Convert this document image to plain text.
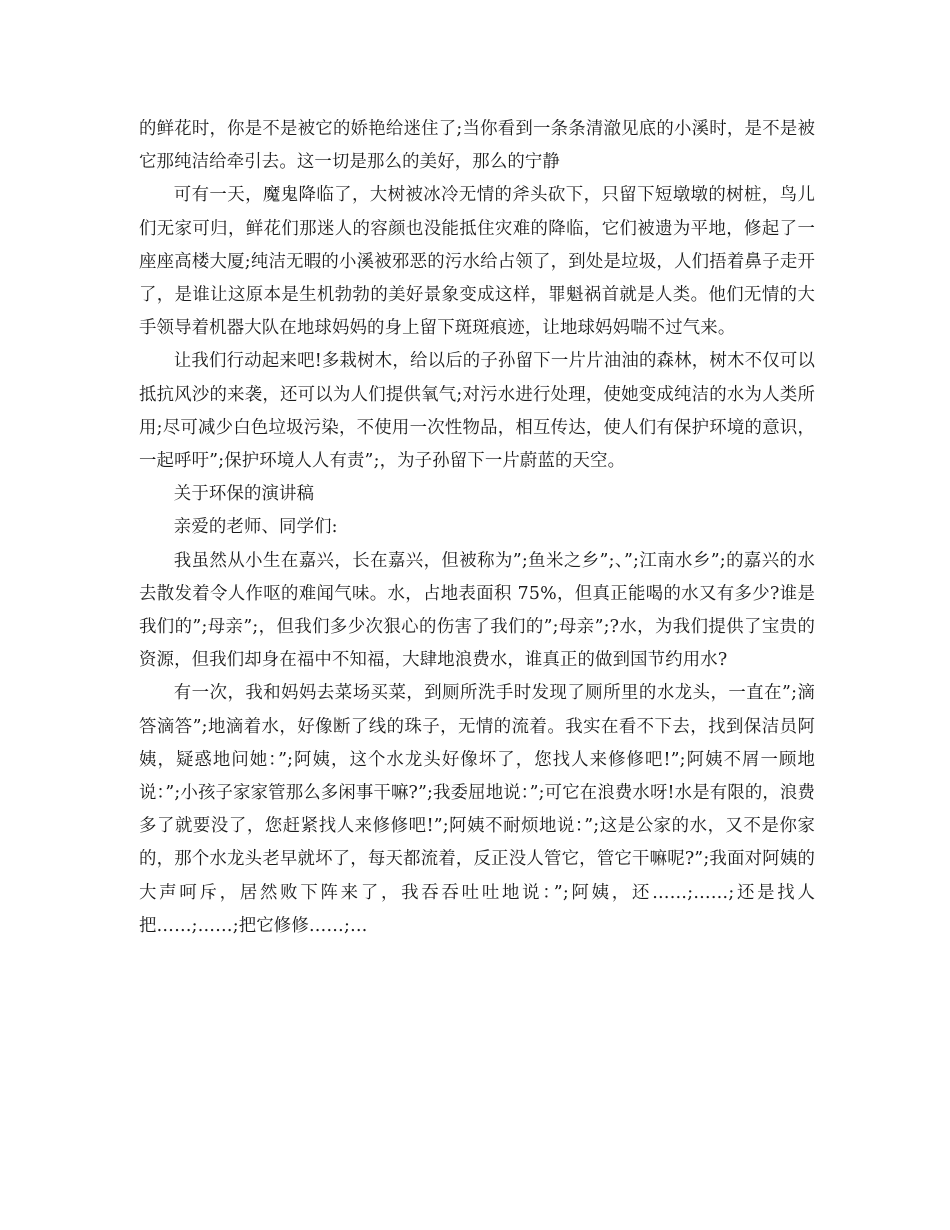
的鲜花时，你是不是被它的娇艳给迷住了;当你看到一条条清澈见底的小溪时，是不是被它那纯洁给牵引去。这一切是那么的美好，那么的宁静

可有一天，魔鬼降临了，大树被冰冷无情的斧头砍下，只留下短墩墩的树桩，鸟儿们无家可归，鲜花们那迷人的容颜也没能抵住灾难的降临，它们被遗为平地，修起了一座座高楼大厦;纯洁无暇的小溪被邪恶的污水给占领了，到处是垃圾，人们捂着鼻子走开了，是谁让这原本是生机勃勃的美好景象变成这样，罪魁祸首就是人类。他们无情的大手领导着机器大队在地球妈妈的身上留下斑斑痕迹，让地球妈妈喘不过气来。

让我们行动起来吧!多栽树木，给以后的子孙留下一片片油油的森林，树木不仅可以抵抗风沙的来袭，还可以为人们提供氧气;对污水进行处理，使她变成纯洁的水为人类所用;尽可减少白色垃圾污染，不使用一次性物品，相互传达，使人们有保护环境的意识，一起呼吁”;保护环境人人有责”;，为子孙留下一片蔚蓝的天空。

关于环保的演讲稿

亲爱的老师、同学们:

我虽然从小生在嘉兴，长在嘉兴，但被称为”;鱼米之乡”;、”;江南水乡”;的嘉兴的水去散发着令人作呕的难闻气味。水，占地表面积 75%，但真正能喝的水又有多少?谁是我们的”;母亲”;，但我们多少次狠心的伤害了我们的”;母亲”;?水，为我们提供了宝贵的资源，但我们却身在福中不知福，大肆地浪费水，谁真正的做到国节约用水?

有一次，我和妈妈去菜场买菜，到厕所洗手时发现了厕所里的水龙头，一直在”;滴答滴答”;地滴着水，好像断了线的珠子，无情的流着。我实在看不下去，找到保洁员阿姨，疑惑地问她：”;阿姨，这个水龙头好像坏了，您找人来修修吧!”;阿姨不屑一顾地说：”;小孩子家家管那么多闲事干嘛?”;我委屈地说：”;可它在浪费水呀!水是有限的，浪费多了就要没了，您赶紧找人来修修吧!”;阿姨不耐烦地说：”;这是公家的水，又不是你家的，那个水龙头老早就坏了，每天都流着，反正没人管它，管它干嘛呢?”;我面对阿姨的大声呵斥，居然败下阵来了，我吞吞吐吐地说：”;阿姨，还……;……;还是找人把……;……;把它修修……;…
